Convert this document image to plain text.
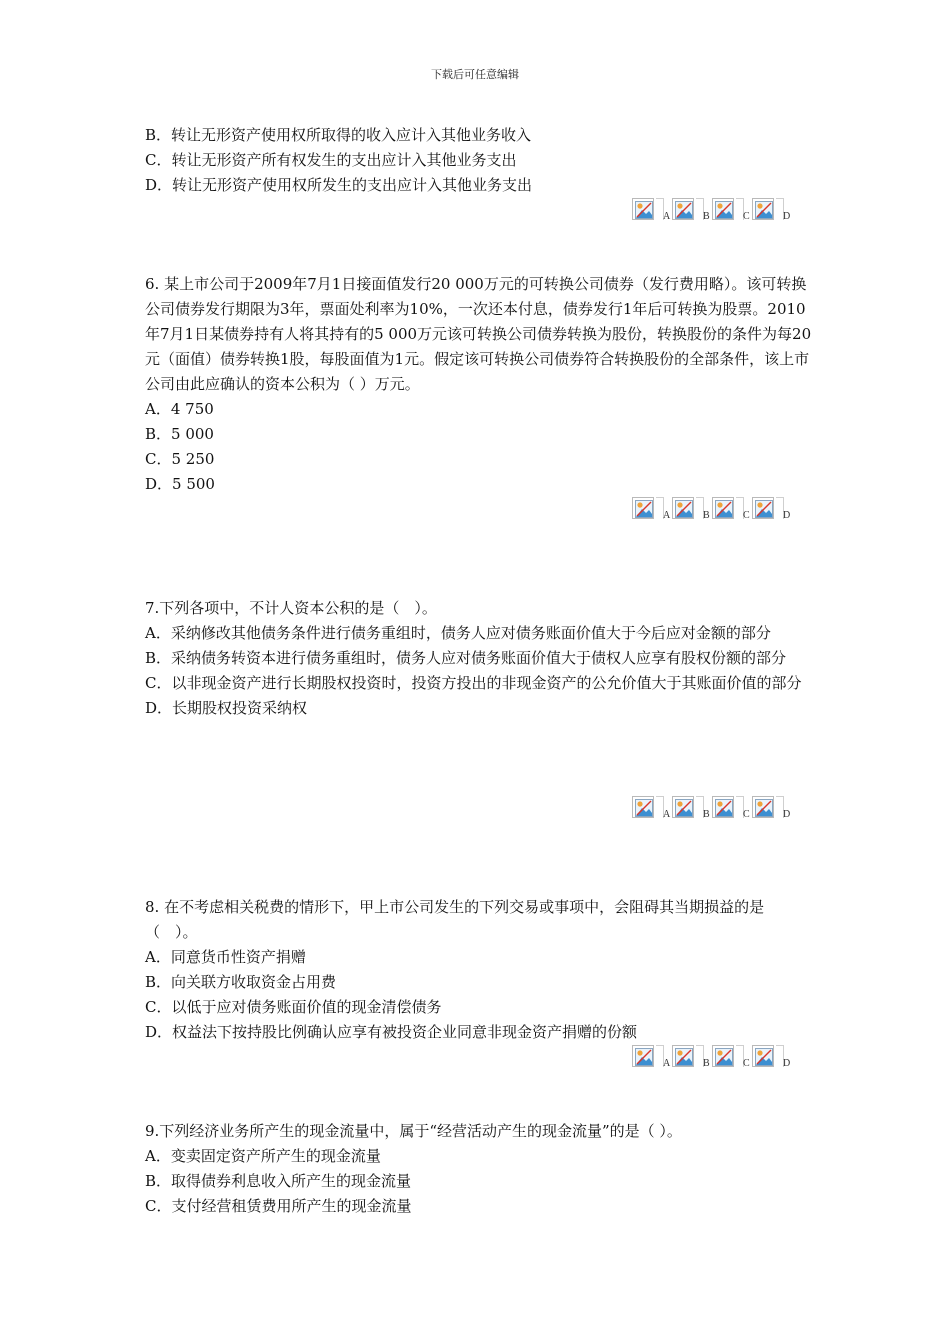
下载后可任意编辑
B．转让无形资产使用权所取得的收入应计入其他业务收入
C．转让无形资产所有权发生的支出应计入其他业务支出
D．转让无形资产使用权所发生的支出应计入其他业务支出
A	B	C	D
6. 某上市公司于2009年7月1日接面值发行20 000万元的可转换公司债券（发行费用略）。该可转换公司债券发行期限为3年，票面处利率为10%，一次还本付息，债券发行1年后可转换为股票。2010年7月1日某债券持有人将其持有的5 000万元该可转换公司债券转换为股份，转换股份的条件为每20元（面值）债券转换1股，每股面值为1元。假定该可转换公司债券符合转换股份的全部条件，该上市公司由此应确认的资本公积为（ ）万元。
A．4 750
B．5 000
C．5 250
D．5 500
A	B	C	D
7.下列各项中，不计人资本公积的是（　）。
A．采纳修改其他债务条件进行债务重组时，债务人应对债务账面价值大于今后应对金额的部分
B．采纳债务转资本进行债务重组时，债务人应对债务账面价值大于债权人应享有股权份额的部分
C．以非现金资产进行长期股权投资时，投资方投出的非现金资产的公允价值大于其账面价值的部分
D．长期股权投资采纳权
A	B	C	D
8. 在不考虑相关税费的情形下，甲上市公司发生的下列交易或事项中，会阻碍其当期损益的是（　）。
A．同意货币性资产捐赠
B．向关联方收取资金占用费
C．以低于应对债务账面价值的现金清偿债务
D．权益法下按持股比例确认应享有被投资企业同意非现金资产捐赠的份额
A	B	C	D
9.下列经济业务所产生的现金流量中，属于“经营活动产生的现金流量”的是（ ）。
A．变卖固定资产所产生的现金流量
B．取得债券利息收入所产生的现金流量
C．支付经营租赁费用所产生的现金流量
